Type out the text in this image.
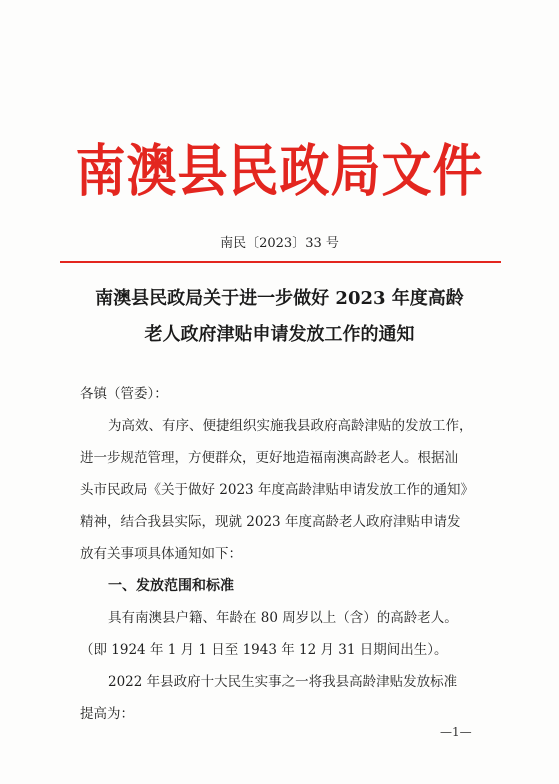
南澳县民政局文件
南民〔2023〕33 号
南澳县民政局关于进一步做好 2023 年度高龄
老人政府津贴申请发放工作的通知
各镇（管委）：
为高效、有序、便捷组织实施我县政府高龄津贴的发放工作，
进一步规范管理，方便群众，更好地造福南澳高龄老人。根据汕
头市民政局《关于做好 2023 年度高龄津贴申请发放工作的通知》
精神，结合我县实际，现就 2023 年度高龄老人政府津贴申请发
放有关事项具体通知如下：
一、发放范围和标准
具有南澳县户籍、年龄在 80 周岁以上（含）的高龄老人。
（即 1924 年 1 月 1 日至 1943 年 12 月 31 日期间出生）。
2022 年县政府十大民生实事之一将我县高龄津贴发放标准
提高为：
—1—
